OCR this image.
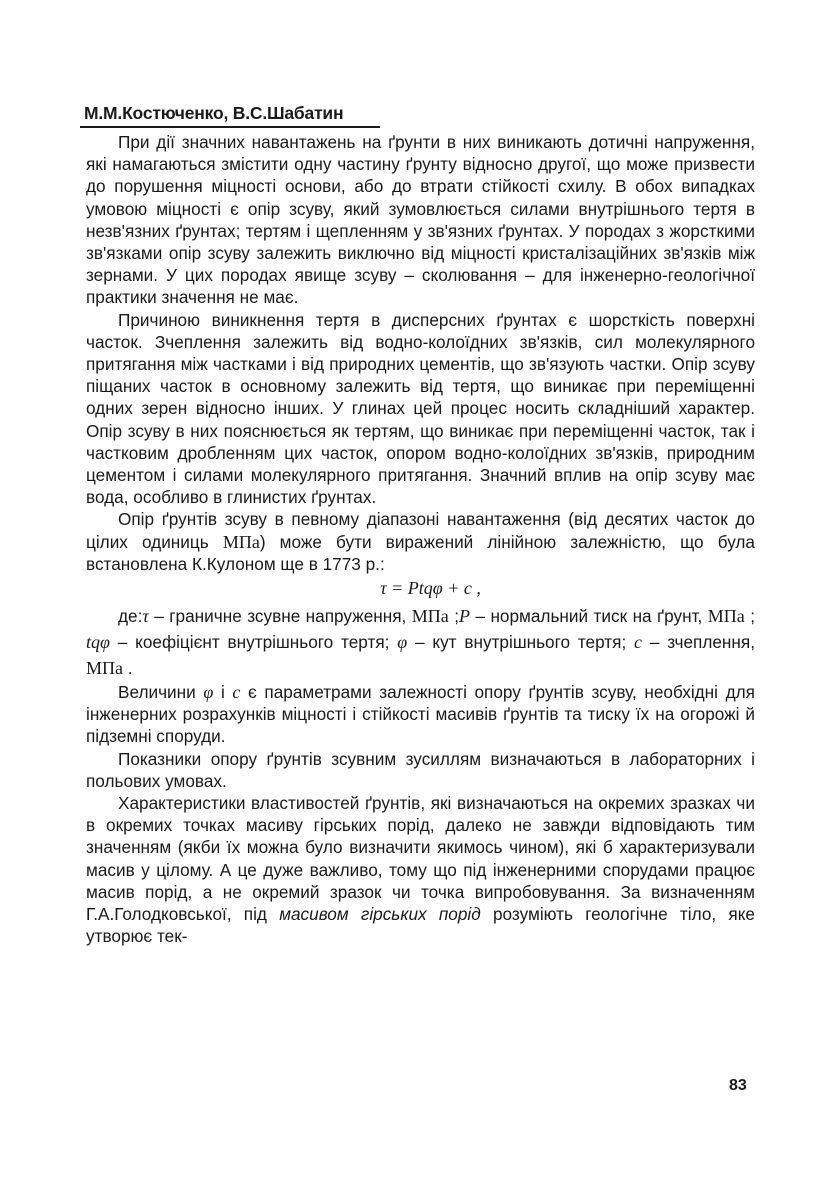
М.М.Костюченко, В.С.Шабатин

При дії значних навантажень на ґрунти в них виникають дотичні напруження, які намагаються змістити одну частину ґрунту відносно другої, що може призвести до порушення міцності основи, або до втрати стійкості схилу. В обох випадках умовою міцності є опір зсуву, який зумовлюється силами внутрішнього тертя в незв'язних ґрунтах; тертям і щепленням у зв'язних ґрунтах. У породах з жорсткими зв'язками опір зсуву залежить виключно від міцності кристалізаційних зв'язків між зернами. У цих породах явище зсуву – сколювання – для інженерно-геологічної практики значення не має.

Причиною виникнення тертя в дисперсних ґрунтах є шорсткість поверхні часток. Зчеплення залежить від водно-колоїдних зв'язків, сил молекулярного притягання між частками і від природних цементів, що зв'язують частки. Опір зсуву піщаних часток в основному залежить від тертя, що виникає при переміщенні одних зерен відносно інших. У глинах цей процес носить складніший характер. Опір зсуву в них пояснюється як тертям, що виникає при переміщенні часток, так і частковим дробленням цих часток, опором водно-колоїдних зв'язків, природним цементом і силами молекулярного притягання. Значний вплив на опір зсуву має вода, особливо в глинистих ґрунтах.

Опір ґрунтів зсуву в певному діапазоні навантаження (від десятих часток до цілих одиниць МПа) може бути виражений лінійною залежністю, що була встановлена К.Кулоном ще в 1773 р.:

τ = Ptqφ + c ,

де:τ – граничне зсувне напруження, МПа ;P – нормальний тиск на ґрунт, МПа ; tqφ – коефіцієнт внутрішнього тертя; φ – кут внутрішнього тертя; c – зчеплення, МПа .

Величини φ і c є параметрами залежності опору ґрунтів зсуву, необхідні для інженерних розрахунків міцності і стійкості масивів ґрунтів та тиску їх на огорожі й підземні споруди.

Показники опору ґрунтів зсувним зусиллям визначаються в лабораторних і польових умовах.

Характеристики властивостей ґрунтів, які визначаються на окремих зразках чи в окремих точках масиву гірських порід, далеко не завжди відповідають тим значенням (якби їх можна було визначити якимось чином), які б характеризували масив у цілому. А це дуже важливо, тому що під інженерними спорудами працює масив порід, а не окремий зразок чи точка випробовування. За визначенням Г.А.Голодковської, під масивом гірських порід розуміють геологічне тіло, яке утворює тек-

83
